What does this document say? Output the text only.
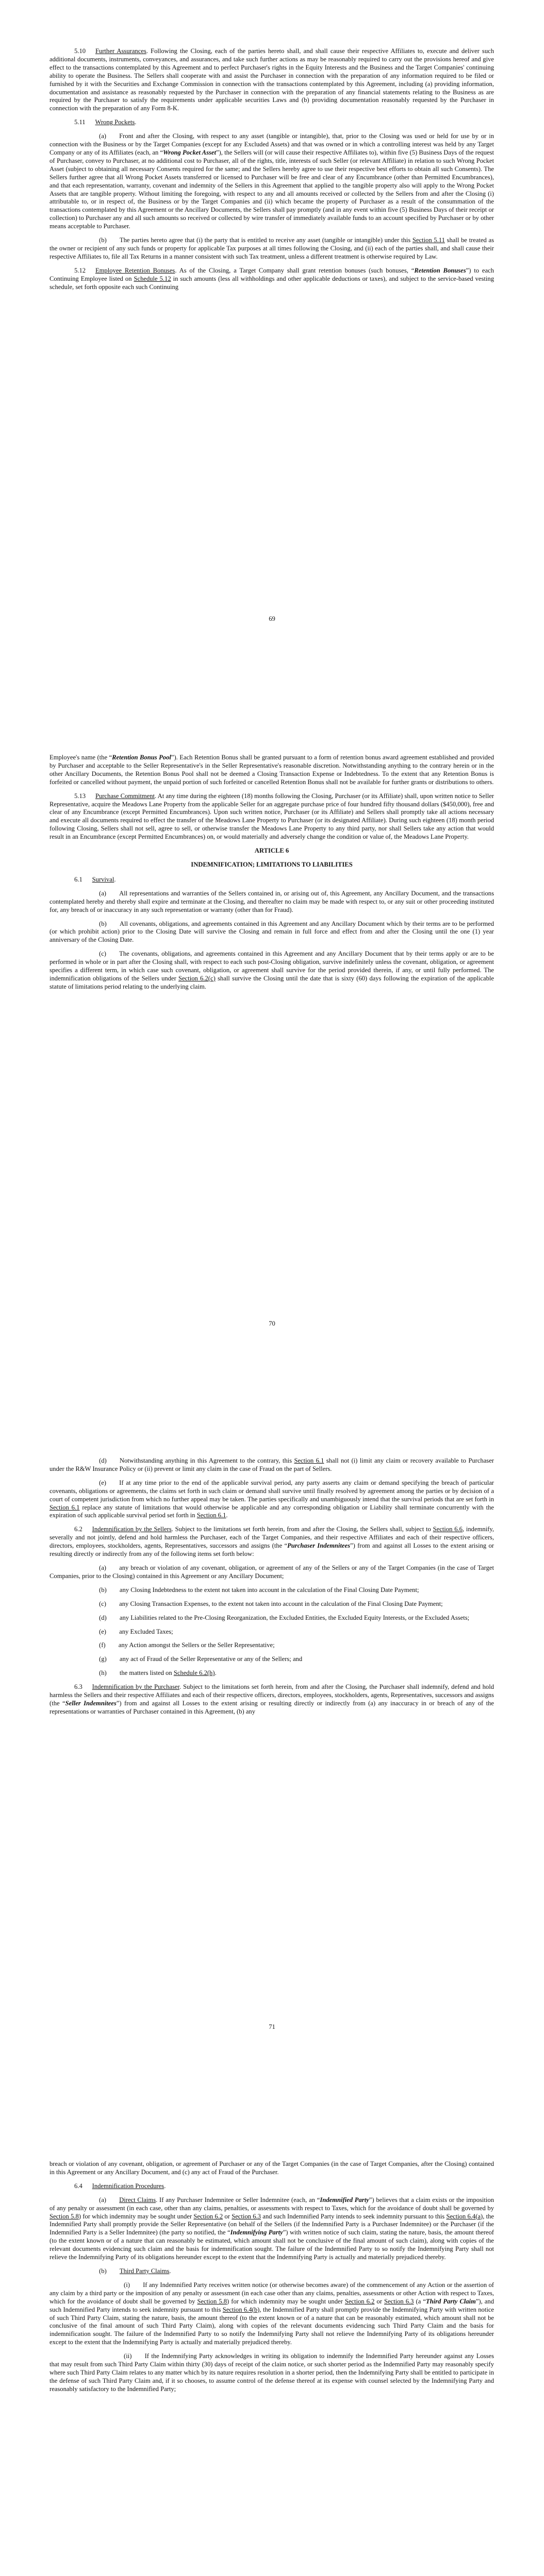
5.10   Further Assurances. Following the Closing, each of the parties hereto shall, and shall cause their respective Affiliates to, execute and deliver such additional documents, instruments, conveyances, and assurances, and take such further actions as may be reasonably required to carry out the provisions hereof and give effect to the transactions contemplated by this Agreement and to perfect Purchaser's rights in the Equity Interests and the Business and the Target Companies' continuing ability to operate the Business. The Sellers shall cooperate with and assist the Purchaser in connection with the preparation of any information required to be filed or furnished by it with the Securities and Exchange Commission in connection with the transactions contemplated by this Agreement, including (a) providing information, documentation and assistance as reasonably requested by the Purchaser in connection with the preparation of any financial statements relating to the Business as are required by the Purchaser to satisfy the requirements under applicable securities Laws and (b) providing documentation reasonably requested by the Purchaser in connection with the preparation of any Form 8-K.

5.11   Wrong Pockets.

(a)  Front and after the Closing, with respect to any asset (tangible or intangible), that, prior to the Closing was used or held for use by or in connection with the Business or by the Target Companies (except for any Excluded Assets) and that was owned or in which a controlling interest was held by any Target Company or any of its Affiliates (each, an “Wrong Pocket Asset”), the Sellers will (or will cause their respective Affiliates to), within five (5) Business Days of the request of Purchaser, convey to Purchaser, at no additional cost to Purchaser, all of the rights, title, interests of such Seller (or relevant Affiliate) in relation to such Wrong Pocket Asset (subject to obtaining all necessary Consents required for the same; and the Sellers hereby agree to use their respective best efforts to obtain all such Consents). The Sellers further agree that all Wrong Pocket Assets transferred or licensed to Purchaser will be free and clear of any Encumbrance (other than Permitted Encumbrances), and that each representation, warranty, covenant and indemnity of the Sellers in this Agreement that applied to the tangible property also will apply to the Wrong Pocket Assets that are tangible property. Without limiting the foregoing, with respect to any and all amounts received or collected by the Sellers from and after the Closing (i) attributable to, or in respect of, the Business or by the Target Companies and (ii) which became the property of Purchaser as a result of the consummation of the transactions contemplated by this Agreement or the Ancillary Documents, the Sellers shall pay promptly (and in any event within five (5) Business Days of their receipt or collection) to Purchaser any and all such amounts so received or collected by wire transfer of immediately available funds to an account specified by Purchaser or by other means acceptable to Purchaser.

(b)  The parties hereto agree that (i) the party that is entitled to receive any asset (tangible or intangible) under this Section 5.11 shall be treated as the owner or recipient of any such funds or property for applicable Tax purposes at all times following the Closing, and (ii) each of the parties shall, and shall cause their respective Affiliates to, file all Tax Returns in a manner consistent with such Tax treatment, unless a different treatment is otherwise required by Law.

5.12   Employee Retention Bonuses. As of the Closing, a Target Company shall grant retention bonuses (such bonuses, “Retention Bonuses”) to each Continuing Employee listed on Schedule 5.12 in such amounts (less all withholdings and other applicable deductions or taxes), and subject to the service-based vesting schedule, set forth opposite each such Continuing

69

Employee's name (the “Retention Bonus Pool”). Each Retention Bonus shall be granted pursuant to a form of retention bonus award agreement established and provided by Purchaser and acceptable to the Seller Representative's in the Seller Representative's reasonable discretion. Notwithstanding anything to the contrary herein or in the other Ancillary Documents, the Retention Bonus Pool shall not be deemed a Closing Transaction Expense or Indebtedness. To the extent that any Retention Bonus is forfeited or cancelled without payment, the unpaid portion of such forfeited or cancelled Retention Bonus shall not be available for further grants or distributions to others.

5.13   Purchase Commitment. At any time during the eighteen (18) months following the Closing, Purchaser (or its Affiliate) shall, upon written notice to Seller Representative, acquire the Meadows Lane Property from the applicable Seller for an aggregate purchase price of four hundred fifty thousand dollars ($450,000), free and clear of any Encumbrance (except Permitted Encumbrances). Upon such written notice, Purchaser (or its Affiliate) and Sellers shall promptly take all actions necessary and execute all documents required to effect the transfer of the Meadows Lane Property to Purchaser (or its designated Affiliate). During such eighteen (18) month period following Closing, Sellers shall not sell, agree to sell, or otherwise transfer the Meadows Lane Property to any third party, nor shall Sellers take any action that would result in an Encumbrance (except Permitted Encumbrances) on, or would materially and adversely change the condition or value of, the Meadows Lane Property.

ARTICLE 6

INDEMNIFICATION; LIMITATIONS TO LIABILITIES

6.1   Survival.

(a)  All representations and warranties of the Sellers contained in, or arising out of, this Agreement, any Ancillary Document, and the transactions contemplated hereby and thereby shall expire and terminate at the Closing, and thereafter no claim may be made with respect to, or any suit or other proceeding instituted for, any breach of or inaccuracy in any such representation or warranty (other than for Fraud).

(b)  All covenants, obligations, and agreements contained in this Agreement and any Ancillary Document which by their terms are to be performed (or which prohibit action) prior to the Closing Date will survive the Closing and remain in full force and effect from and after the Closing until the one (1) year anniversary of the Closing Date.

(c)  The covenants, obligations, and agreements contained in this Agreement and any Ancillary Document that by their terms apply or are to be performed in whole or in part after the Closing shall, with respect to each such post-Closing obligation, survive indefinitely unless the covenant, obligation, or agreement specifies a different term, in which case such covenant, obligation, or agreement shall survive for the period provided therein, if any, or until fully performed. The indemnification obligations of the Sellers under Section 6.2(c) shall survive the Closing until the date that is sixty (60) days following the expiration of the applicable statute of limitations period relating to the underlying claim.

70

(d)  Notwithstanding anything in this Agreement to the contrary, this Section 6.1 shall not (i) limit any claim or recovery available to Purchaser under the R&W Insurance Policy or (ii) prevent or limit any claim in the case of Fraud on the part of Sellers.

(e)  If at any time prior to the end of the applicable survival period, any party asserts any claim or demand specifying the breach of particular covenants, obligations or agreements, the claims set forth in such claim or demand shall survive until finally resolved by agreement among the parties or by decision of a court of competent jurisdiction from which no further appeal may be taken. The parties specifically and unambiguously intend that the survival periods that are set forth in Section 6.1 replace any statute of limitations that would otherwise be applicable and any corresponding obligation or Liability shall terminate concurrently with the expiration of such applicable survival period set forth in Section 6.1.

6.2   Indemnification by the Sellers. Subject to the limitations set forth herein, from and after the Closing, the Sellers shall, subject to Section 6.6, indemnify, severally and not jointly, defend and hold harmless the Purchaser, each of the Target Companies, and their respective Affiliates and each of their respective officers, directors, employees, stockholders, agents, Representatives, successors and assigns (the “Purchaser Indemnitees”) from and against all Losses to the extent arising or resulting directly or indirectly from any of the following items set forth below:

(a)  any breach or violation of any covenant, obligation, or agreement of any of the Sellers or any of the Target Companies (in the case of Target Companies, prior to the Closing) contained in this Agreement or any Ancillary Document;

(b)  any Closing Indebtedness to the extent not taken into account in the calculation of the Final Closing Date Payment;

(c)  any Closing Transaction Expenses, to the extent not taken into account in the calculation of the Final Closing Date Payment;

(d)  any Liabilities related to the Pre-Closing Reorganization, the Excluded Entities, the Excluded Equity Interests, or the Excluded Assets;

(e)  any Excluded Taxes;

(f)  any Action amongst the Sellers or the Seller Representative;

(g)  any act of Fraud of the Seller Representative or any of the Sellers; and

(h)  the matters listed on Schedule 6.2(h).

6.3   Indemnification by the Purchaser. Subject to the limitations set forth herein, from and after the Closing, the Purchaser shall indemnify, defend and hold harmless the Sellers and their respective Affiliates and each of their respective officers, directors, employees, stockholders, agents, Representatives, successors and assigns (the “Seller Indemnitees”) from and against all Losses to the extent arising or resulting directly or indirectly from (a) any inaccuracy in or breach of any of the representations or warranties of Purchaser contained in this Agreement, (b) any

71

breach or violation of any covenant, obligation, or agreement of Purchaser or any of the Target Companies (in the case of Target Companies, after the Closing) contained in this Agreement or any Ancillary Document, and (c) any act of Fraud of the Purchaser.

6.4   Indemnification Procedures.

(a)  Direct Claims. If any Purchaser Indemnitee or Seller Indemnitee (each, an “Indemnified Party”) believes that a claim exists or the imposition of any penalty or assessment (in each case, other than any claims, penalties, or assessments with respect to Taxes, which for the avoidance of doubt shall be governed by Section 5.8) for which indemnity may be sought under Section 6.2 or Section 6.3 and such Indemnified Party intends to seek indemnity pursuant to this Section 6.4(a), the Indemnified Party shall promptly provide the Seller Representative (on behalf of the Sellers (if the Indemnified Party is a Purchaser Indemnitee) or the Purchaser (if the Indemnified Party is a Seller Indemnitee) (the party so notified, the “Indemnifying Party”) with written notice of such claim, stating the nature, basis, the amount thereof (to the extent known or of a nature that can reasonably be estimated, which amount shall not be conclusive of the final amount of such claim), along with copies of the relevant documents evidencing such claim and the basis for indemnification sought. The failure of the Indemnified Party to so notify the Indemnifying Party shall not relieve the Indemnifying Party of its obligations hereunder except to the extent that the Indemnifying Party is actually and materially prejudiced thereby.

(b)  Third Party Claims.

(i)  If any Indemnified Party receives written notice (or otherwise becomes aware) of the commencement of any Action or the assertion of any claim by a third party or the imposition of any penalty or assessment (in each case other than any claims, penalties, assessments or other Action with respect to Taxes, which for the avoidance of doubt shall be governed by Section 5.8) for which indemnity may be sought under Section 6.2 or Section 6.3 (a “Third Party Claim”), and such Indemnified Party intends to seek indemnity pursuant to this Section 6.4(b), the Indemnified Party shall promptly provide the Indemnifying Party with written notice of such Third Party Claim, stating the nature, basis, the amount thereof (to the extent known or of a nature that can be reasonably estimated, which amount shall not be conclusive of the final amount of such Third Party Claim), along with copies of the relevant documents evidencing such Third Party Claim and the basis for indemnification sought. The failure of the Indemnified Party to so notify the Indemnifying Party shall not relieve the Indemnifying Party of its obligations hereunder except to the extent that the Indemnifying Party is actually and materially prejudiced thereby.

(ii)  If the Indemnifying Party acknowledges in writing its obligation to indemnify the Indemnified Party hereunder against any Losses that may result from such Third Party Claim within thirty (30) days of receipt of the claim notice, or such shorter period as the Indemnified Party may reasonably specify where such Third Party Claim relates to any matter which by its nature requires resolution in a shorter period, then the Indemnifying Party shall be entitled to participate in the defense of such Third Party Claim and, if it so chooses, to assume control of the defense thereof at its expense with counsel selected by the Indemnifying Party and reasonably satisfactory to the Indemnified Party;
